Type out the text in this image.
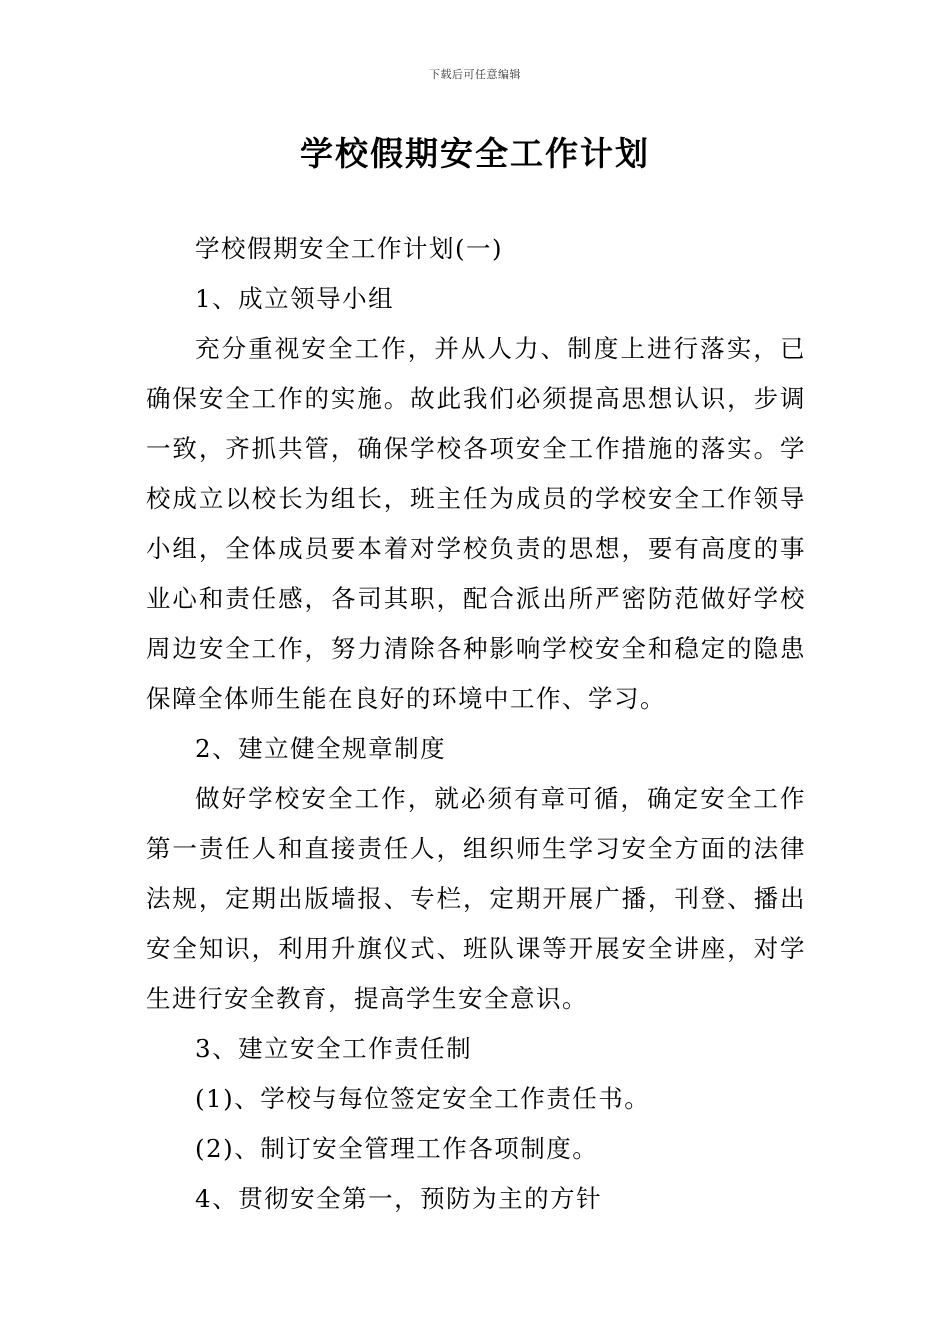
下载后可任意编辑
学校假期安全工作计划

学校假期安全工作计划(一)

1、成立领导小组

充分重视安全工作，并从人力、制度上进行落实，已确保安全工作的实施。故此我们必须提高思想认识，步调一致，齐抓共管，确保学校各项安全工作措施的落实。学校成立以校长为组长，班主任为成员的学校安全工作领导小组，全体成员要本着对学校负责的思想，要有高度的事业心和责任感，各司其职，配合派出所严密防范做好学校周边安全工作，努力清除各种影响学校安全和稳定的隐患保障全体师生能在良好的环境中工作、学习。

2、建立健全规章制度

做好学校安全工作，就必须有章可循，确定安全工作第一责任人和直接责任人，组织师生学习安全方面的法律法规，定期出版墙报、专栏，定期开展广播，刊登、播出安全知识，利用升旗仪式、班队课等开展安全讲座，对学生进行安全教育，提高学生安全意识。

3、建立安全工作责任制

(1)、学校与每位签定安全工作责任书。

(2)、制订安全管理工作各项制度。

4、贯彻安全第一，预防为主的方针
